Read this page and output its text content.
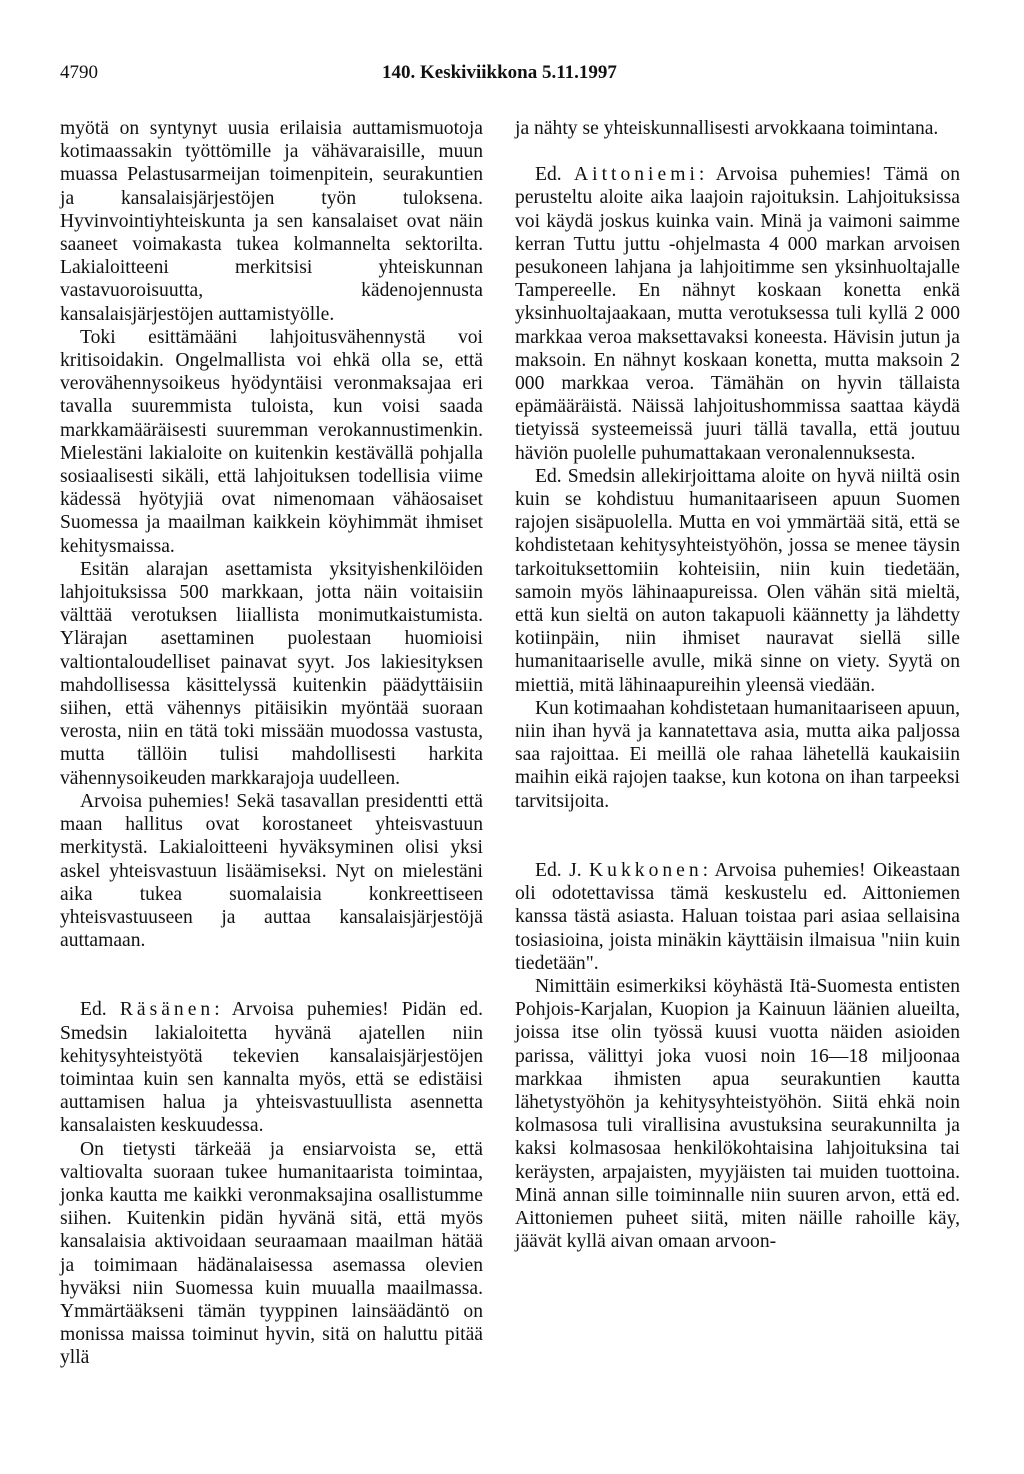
4790	140. Keskiviikkona 5.11.1997

myötä on syntynyt uusia erilaisia auttamismuotoja kotimaassakin työttömille ja vähävaraisille, muun muassa Pelastusarmeijan toimenpitein, seurakuntien ja kansalaisjärjestöjen työn tuloksena. Hyvinvointiyhteiskunta ja sen kansalaiset ovat näin saaneet voimakasta tukea kolmannelta sektorilta. Lakialoitteeni merkitsisi yhteiskunnan vastavuoroisuutta, kädenojennusta kansalaisjärjestöjen auttamistyölle.

Toki esittämääni lahjoitusvähennystä voi kritisoidakin. Ongelmallista voi ehkä olla se, että verovähennysoikeus hyödyntäisi veronmaksajaa eri tavalla suuremmista tuloista, kun voisi saada markkamääräisesti suuremman verokannustimenkin. Mielestäni lakialoite on kuitenkin kestävällä pohjalla sosiaalisesti sikäli, että lahjoituksen todellisia viime kädessä hyötyjiä ovat nimenomaan vähäosaiset Suomessa ja maailman kaikkein köyhimmät ihmiset kehitysmaissa.

Esitän alarajan asettamista yksityishenkilöiden lahjoituksissa 500 markkaan, jotta näin voitaisiin välttää verotuksen liiallista monimutkaistumista. Ylärajan asettaminen puolestaan huomioisi valtiontaloudelliset painavat syyt. Jos lakiesityksen mahdollisessa käsittelyssä kuitenkin päädyttäisiin siihen, että vähennys pitäisikin myöntää suoraan verosta, niin en tätä toki missään muodossa vastusta, mutta tällöin tulisi mahdollisesti harkita vähennysoikeuden markkarajoja uudelleen.

Arvoisa puhemies! Sekä tasavallan presidentti että maan hallitus ovat korostaneet yhteisvastuun merkitystä. Lakialoitteeni hyväksyminen olisi yksi askel yhteisvastuun lisäämiseksi. Nyt on mielestäni aika tukea suomalaisia konkreettiseen yhteisvastuuseen ja auttaa kansalaisjärjestöjä auttamaan.

Ed. Räsänen: Arvoisa puhemies! Pidän ed. Smedsin lakialoitetta hyvänä ajatellen niin kehitysyhteistyötä tekevien kansalaisjärjestöjen toimintaa kuin sen kannalta myös, että se edistäisi auttamisen halua ja yhteisvastuullista asennetta kansalaisten keskuudessa.

On tietysti tärkeää ja ensiarvoista se, että valtiovalta suoraan tukee humanitaarista toimintaa, jonka kautta me kaikki veronmaksajina osallistumme siihen. Kuitenkin pidän hyvänä sitä, että myös kansalaisia aktivoidaan seuraamaan maailman hätää ja toimimaan hädänalaisessa asemassa olevien hyväksi niin Suomessa kuin muualla maailmassa. Ymmärtääkseni tämän tyyppinen lainsäädäntö on monissa maissa toiminut hyvin, sitä on haluttu pitää yllä

ja nähty se yhteiskunnallisesti arvokkaana toimintana.

Ed. Aittoniemi: Arvoisa puhemies! Tämä on perusteltu aloite aika laajoin rajoituksin. Lahjoituksissa voi käydä joskus kuinka vain. Minä ja vaimoni saimme kerran Tuttu juttu -ohjelmasta 4 000 markan arvoisen pesukoneen lahjana ja lahjoitimme sen yksinhuoltajalle Tampereelle. En nähnyt koskaan konetta enkä yksinhuoltajaakaan, mutta verotuksessa tuli kyllä 2 000 markkaa veroa maksettavaksi koneesta. Hävisin jutun ja maksoin. En nähnyt koskaan konetta, mutta maksoin 2 000 markkaa veroa. Tämähän on hyvin tällaista epämääräistä. Näissä lahjoitushommissa saattaa käydä tietyissä systeemeissä juuri tällä tavalla, että joutuu häviön puolelle puhumattakaan veronalennuksesta.

Ed. Smedsin allekirjoittama aloite on hyvä niiltä osin kuin se kohdistuu humanitaariseen apuun Suomen rajojen sisäpuolella. Mutta en voi ymmärtää sitä, että se kohdistetaan kehitysyhteistyöhön, jossa se menee täysin tarkoituksettomiin kohteisiin, niin kuin tiedetään, samoin myös lähinaapureissa. Olen vähän sitä mieltä, että kun sieltä on auton takapuoli käännetty ja lähdetty kotiinpäin, niin ihmiset nauravat siellä sille humanitaariselle avulle, mikä sinne on viety. Syytä on miettiä, mitä lähinaapureihin yleensä viedään.

Kun kotimaahan kohdistetaan humanitaariseen apuun, niin ihan hyvä ja kannatettava asia, mutta aika paljossa saa rajoittaa. Ei meillä ole rahaa lähetellä kaukaisiin maihin eikä rajojen taakse, kun kotona on ihan tarpeeksi tarvitsijoita.

Ed. J. Kukkonen: Arvoisa puhemies! Oikeastaan oli odotettavissa tämä keskustelu ed. Aittoniemen kanssa tästä asiasta. Haluan toistaa pari asiaa sellaisina tosiasioina, joista minäkin käyttäisin ilmaisua "niin kuin tiedetään".

Nimittäin esimerkiksi köyhästä Itä-Suomesta entisten Pohjois-Karjalan, Kuopion ja Kainuun läänien alueilta, joissa itse olin työssä kuusi vuotta näiden asioiden parissa, välittyi joka vuosi noin 16—18 miljoonaa markkaa ihmisten apua seurakuntien kautta lähetystyöhön ja kehitysyhteistyöhön. Siitä ehkä noin kolmasosa tuli virallisina avustuksina seurakunnilta ja kaksi kolmasosaa henkilökohtaisina lahjoituksina tai keräysten, arpajaisten, myyjäisten tai muiden tuottoina. Minä annan sille toiminnalle niin suuren arvon, että ed. Aittoniemen puheet siitä, miten näille rahoille käy, jäävät kyllä aivan omaan arvoon-
